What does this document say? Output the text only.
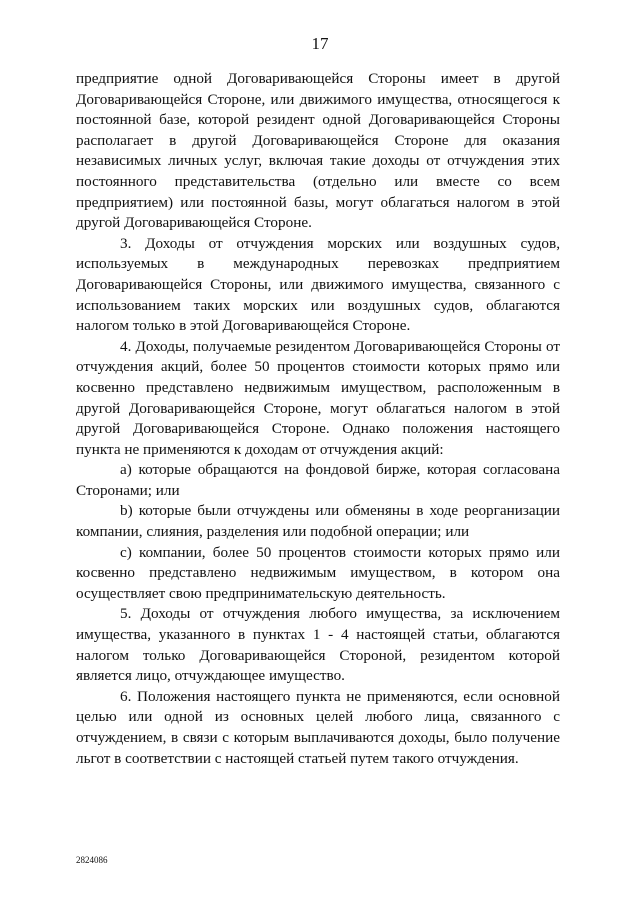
17

предприятие одной Договаривающейся Стороны имеет в другой Договаривающейся Стороне, или движимого имущества, относящегося к постоянной базе, которой резидент одной Договаривающейся Стороны располагает в другой Договаривающейся Стороне для оказания независимых личных услуг, включая такие доходы от отчуждения этих постоянного представительства (отдельно или вместе со всем предприятием) или постоянной базы, могут облагаться налогом в этой другой Договаривающейся Стороне.

3. Доходы от отчуждения морских или воздушных судов, используемых в международных перевозках предприятием Договаривающейся Стороны, или движимого имущества, связанного с использованием таких морских или воздушных судов, облагаются налогом только в этой Договаривающейся Стороне.

4. Доходы, получаемые резидентом Договаривающейся Стороны от отчуждения акций, более 50 процентов стоимости которых прямо или косвенно представлено недвижимым имуществом, расположенным в другой Договаривающейся Стороне, могут облагаться налогом в этой другой Договаривающейся Стороне. Однако положения настоящего пункта не применяются к доходам от отчуждения акций:

a) которые обращаются на фондовой бирже, которая согласована Сторонами; или

b) которые были отчуждены или обменяны в ходе реорганизации компании, слияния, разделения или подобной операции; или

c) компании, более 50 процентов стоимости которых прямо или косвенно представлено недвижимым имуществом, в котором она осуществляет свою предпринимательскую деятельность.

5. Доходы от отчуждения любого имущества, за исключением имущества, указанного в пунктах 1 - 4 настоящей статьи, облагаются налогом только Договаривающейся Стороной, резидентом которой является лицо, отчуждающее имущество.

6. Положения настоящего пункта не применяются, если основной целью или одной из основных целей любого лица, связанного с отчуждением, в связи с которым выплачиваются доходы, было получение льгот в соответствии с настоящей статьей путем такого отчуждения.

2824086
